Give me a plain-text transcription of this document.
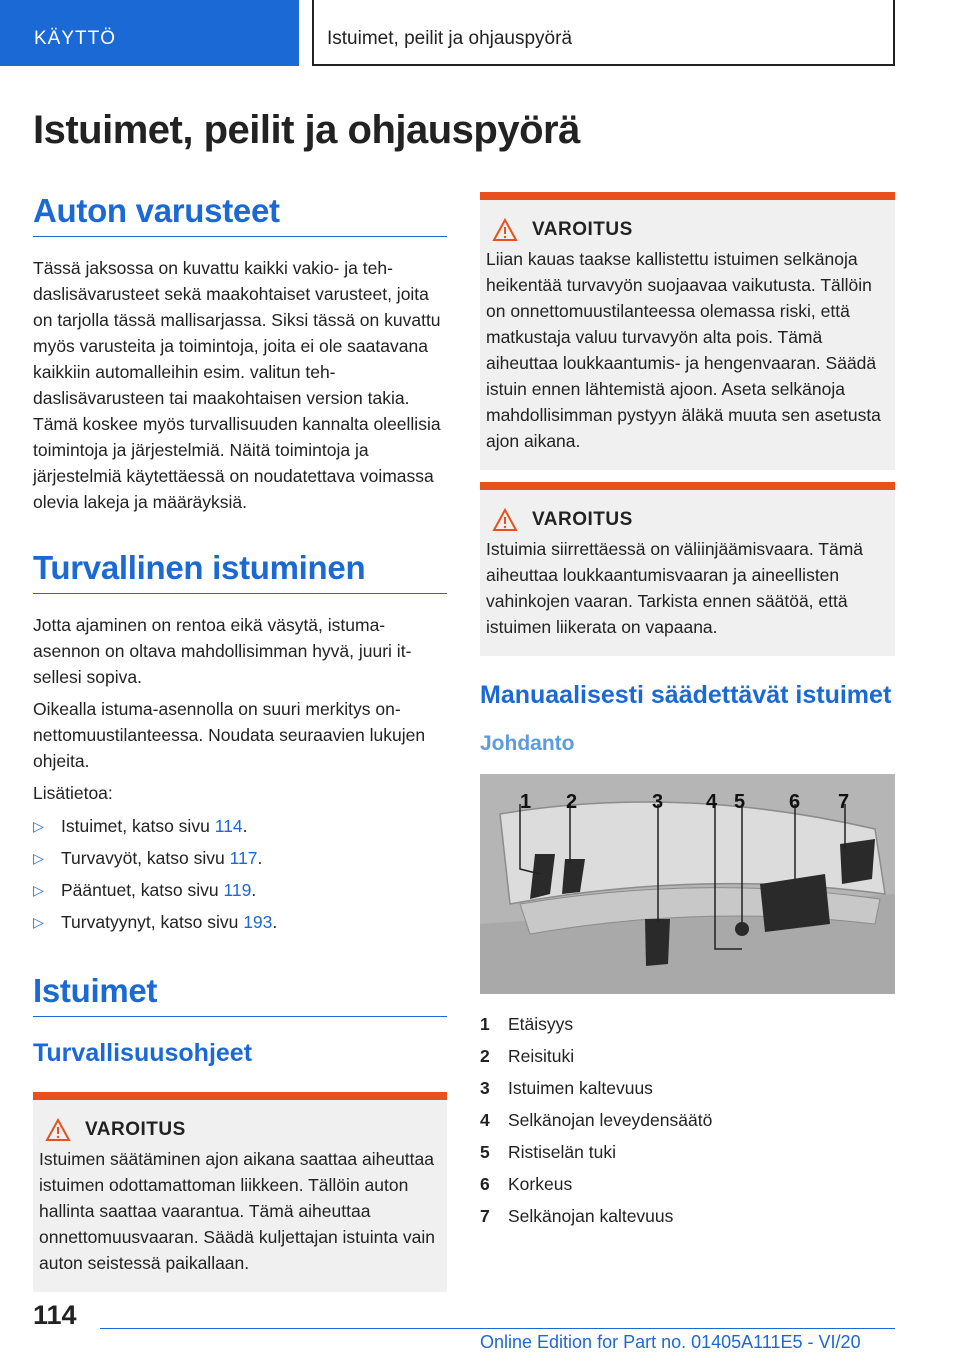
KÄYTTÖ	Istuimet, peilit ja ohjauspyörä
Istuimet, peilit ja ohjauspyörä
Auton varusteet

Tässä jaksossa on kuvattu kaikki vakio- ja tehdaslisävarusteet sekä maakohtaiset varusteet, joita on tarjolla tässä mallisarjassa. Siksi tässä on kuvattu myös varusteita ja toimintoja, joita ei ole saatavana kaikkiin automalleihin esim. valitun tehdaslisävarusteen tai maakohtaisen version takia. Tämä koskee myös turvallisuuden kannalta oleellisia toimintoja ja järjestelmiä. Näitä toimintoja ja järjestelmiä käytettäessä on noudatettava voimassa olevia lakeja ja määräyksiä.

Turvallinen istuminen

Jotta ajaminen on rentoa eikä väsytä, istuma-asennon on oltava mahdollisimman hyvä, juuri itsellesi sopiva.

Oikealla istuma-asennolla on suuri merkitys onnettomuustilanteessa. Noudata seuraavien lukujen ohjeita.

Lisätietoa:

▷ Istuimet, katso sivu
114 .
▷ Turvavyöt, katso sivu
117 .
▷ Pääntuet, katso sivu
119 .
▷ Turvatyynyt, katso sivu
193 .
Istuimet
Turvallisuusohjeet
VAROITUS

Istuimen säätäminen ajon aikana saattaa aiheuttaa istuimen odottamattoman liikkeen. Tällöin auton hallinta saattaa vaarantua. Tämä aiheuttaa onnettomuusvaaran. Säädä kuljettajan istuinta vain auton seistessä paikallaan.

VAROITUS

Liian kauas taakse kallistettu istuimen selkänoja heikentää turvavyön suojaavaa vaikutusta. Tällöin on onnettomuustilanteessa olemassa riski, että matkustaja valuu turvavyön alta pois. Tämä aiheuttaa loukkaantumis- ja hengenvaaran. Säädä istuin ennen lähtemistä ajoon. Aseta selkänoja mahdollisimman pystyyn äläkä muuta sen asetusta ajon aikana.

VAROITUS

Istuimia siirrettäessä on väliinjäämisvaara. Tämä aiheuttaa loukkaantumisvaaran ja aineellisten vahinkojen vaaran. Tarkista ennen säätöä, että istuimen liikerata on vapaana.

Manuaalisesti säädettävät istuimet
Johdanto
1 2	3 4 5 6 7
1	Etäisyys
2	Reisituki
3	Istuimen kaltevuus
4	Selkänojan leveydensäätö
5	Ristiselän tuki
6	Korkeus
7	Selkänojan kaltevuus
114
Online Edition for Part no. 01405A111E5 - VI/20
